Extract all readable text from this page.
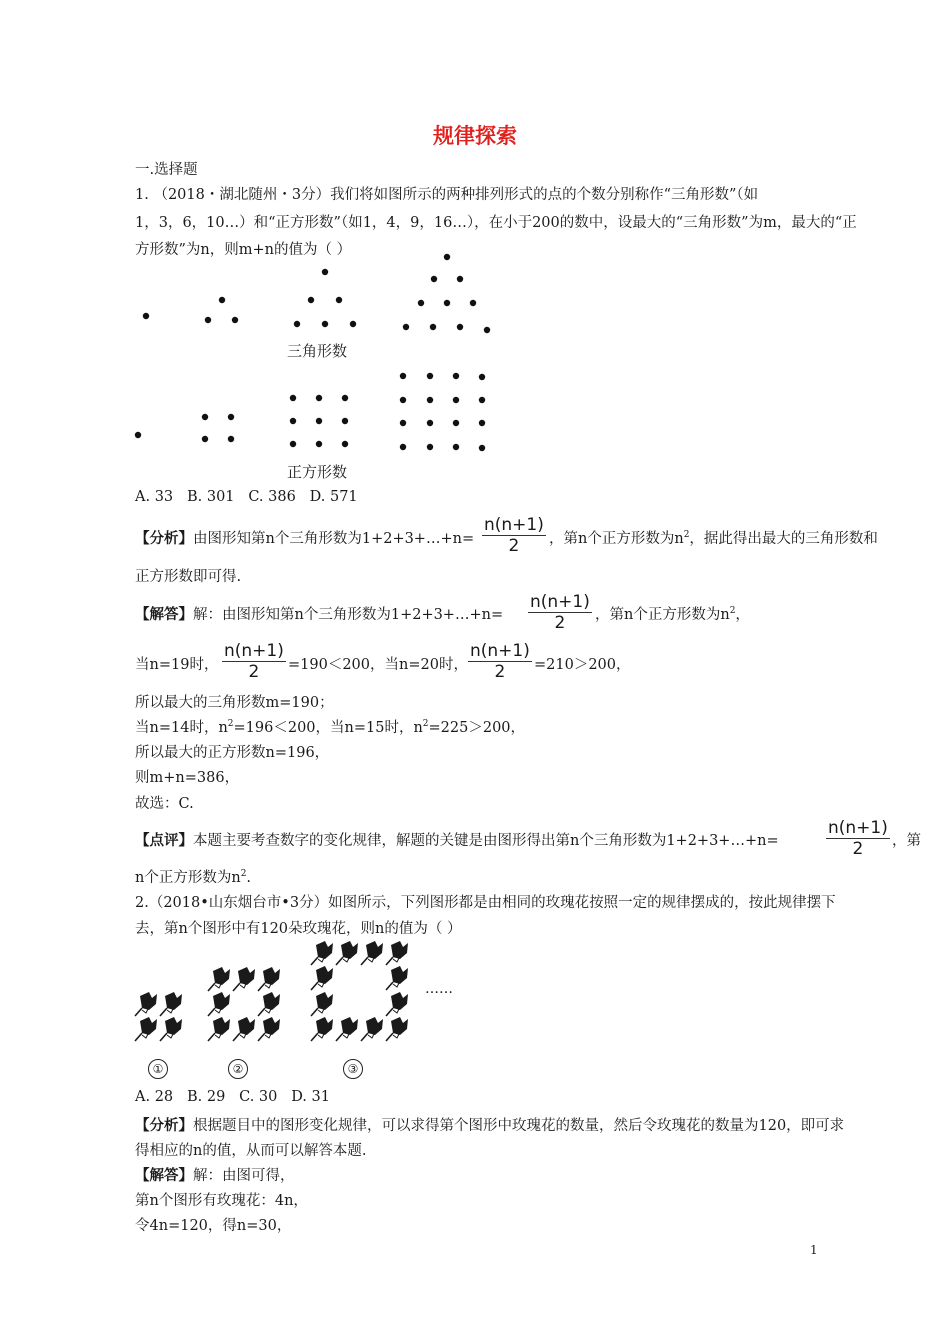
规律探索
一.选择题
1. （2018・湖北随州・3分）我们将如图所示的两种排列形式的点的个数分别称作“三角形数”（如
1，3，6，10…）和“正方形数”（如1，4，9，16…），在小于200的数中，设最大的“三角形数”为m，最大的“正
方形数”为n，则m+n的值为（ ）
三角形数
正方形数
A. 33   B. 301   C. 386   D. 571
【分析】由图形知第n个三角形数为1+2+3+…+n= $\frac{n(n+1)}{2}$ ，第n个正方形数为$n^2$，据此得出最大的三角形数和
正方形数即可得.
【解答】解：由图形知第n个三角形数为1+2+3+…+n= $\frac{n(n+1)}{2}$ ，第n个正方形数为$n^2$，
当n=19时， $\frac{n(n+1)}{2} =190<200$，当n=20时， $\frac{n(n+1)}{2} =210>200$，
所以最大的三角形数m=190；
当n=14时，$n^2=196<200$，当n=15时，$n^2=225>200$，
所以最大的正方形数n=196，
则m+n=386，
故选：C.
【点评】本题主要考查数字的变化规律，解题的关键是由图形得出第n个三角形数为1+2+3+…+n=	$\frac{n(n+1)}{2}$ ，第
n个正方形数为$n^2$.
2.（2018•山东烟台市•3分）如图所示，下列图形都是由相同的玫瑰花按照一定的规律摆成的，按此规律摆下
去，第n个图形中有120朵玫瑰花，则n的值为（ ）
①	②	③
……
A. 28   B. 29   C. 30   D. 31
【分析】根据题目中的图形变化规律，可以求得第个图形中玫瑰花的数量，然后令玫瑰花的数量为120，即可求
得相应的n的值，从而可以解答本题.
【解答】解：由图可得，
第n个图形有玫瑰花：4n，
令4n=120，得n=30，
1
